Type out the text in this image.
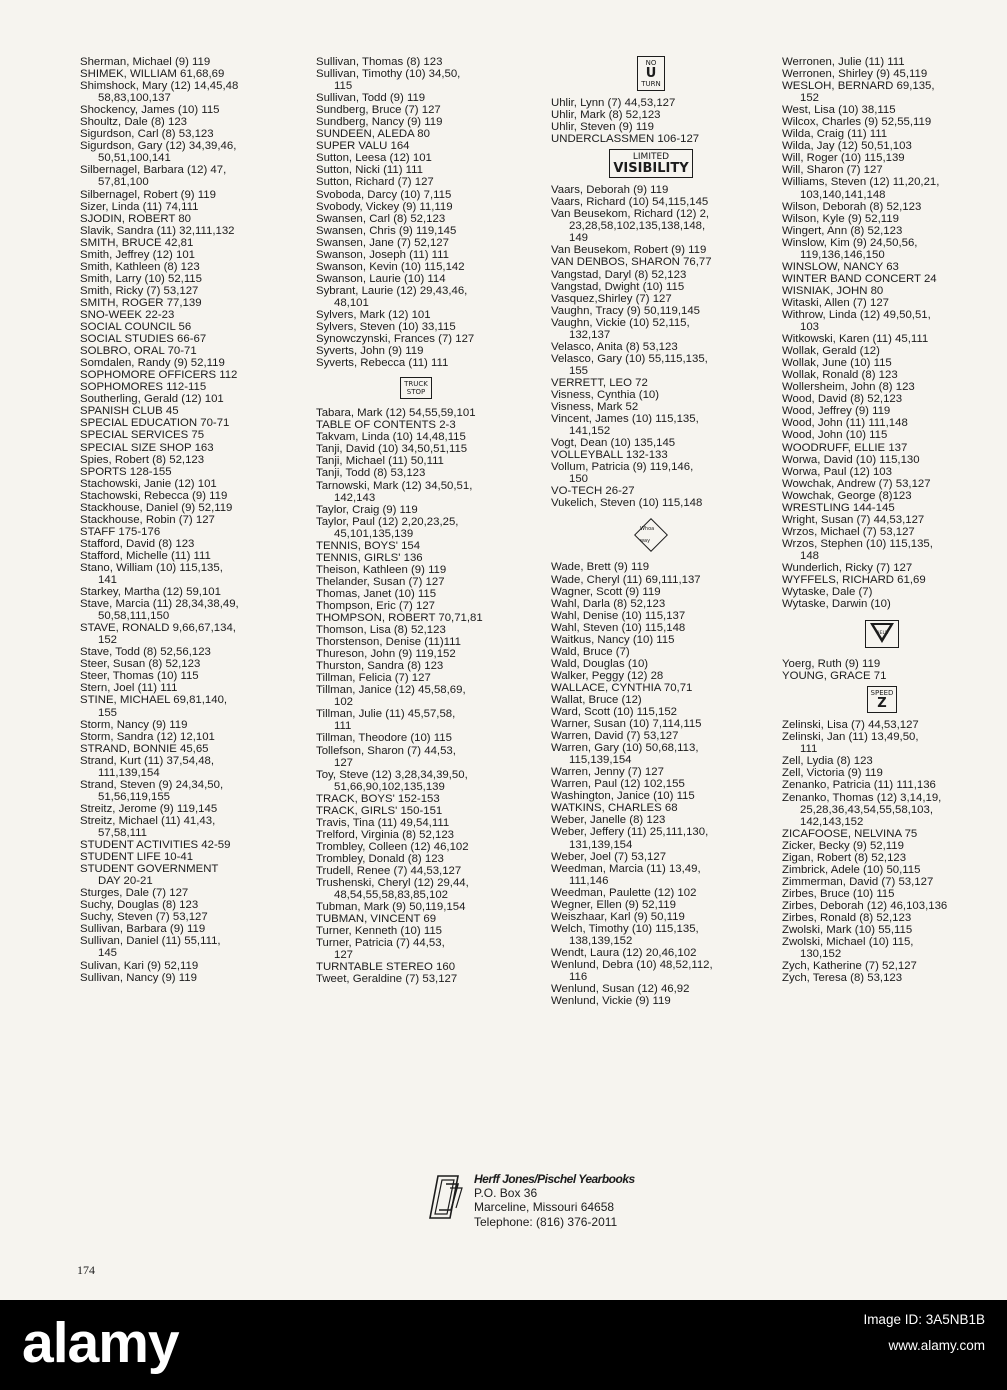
Sherman, Michael (9) 119
SHIMEK, WILLIAM 61,68,69
Shimshock, Mary (12) 14,45,48
58,83,100,137
Shockency, James (10) 115
Shoultz, Dale (8) 123
Sigurdson, Carl (8) 53,123
Sigurdson, Gary (12) 34,39,46,
50,51,100,141
Silbernagel, Barbara (12) 47,
57,81,100
Silbernagel, Robert (9) 119
Sizer, Linda (11) 74,111
SJODIN, ROBERT 80
Slavik, Sandra (11) 32,111,132
SMITH, BRUCE 42,81
Smith, Jeffrey (12) 101
Smith, Kathleen (8) 123
Smith, Larry (10) 52,115
Smith, Ricky (7) 53,127
SMITH, ROGER 77,139
SNO-WEEK 22-23
SOCIAL COUNCIL 56
SOCIAL STUDIES 66-67
SOLBRO, ORAL 70-71
Somdalen, Randy (9) 52,119
SOPHOMORE OFFICERS 112
SOPHOMORES 112-115
Southerling, Gerald (12) 101
SPANISH CLUB 45
SPECIAL EDUCATION 70-71
SPECIAL SERVICES 75
SPECIAL SIZE SHOP 163
Spies, Robert (8) 52,123
SPORTS 128-155
Stachowski, Janie (12) 101
Stachowski, Rebecca (9) 119
Stackhouse, Daniel (9) 52,119
Stackhouse, Robin (7) 127
STAFF 175-176
Stafford, David (8) 123
Stafford, Michelle (11) 111
Stano, William (10) 115,135,
141
Starkey, Martha (12) 59,101
Stave, Marcia (11) 28,34,38,49,
50,58,111,150
STAVE, RONALD 9,66,67,134,
152
Stave, Todd (8) 52,56,123
Steer, Susan (8) 52,123
Steer, Thomas (10) 115
Stern, Joel (11) 111
STINE, MICHAEL 69,81,140,
155
Storm, Nancy (9) 119
Storm, Sandra (12) 12,101
STRAND, BONNIE 45,65
Strand, Kurt (11) 37,54,48,
111,139,154
Strand, Steven (9) 24,34,50,
51,56,119,155
Streitz, Jerome (9) 119,145
Streitz, Michael (11) 41,43,
57,58,111
STUDENT ACTIVITIES 42-59
STUDENT LIFE 10-41
STUDENT GOVERNMENT
DAY 20-21
Sturges, Dale (7) 127
Suchy, Douglas (8) 123
Suchy, Steven (7) 53,127
Sullivan, Barbara (9) 119
Sullivan, Daniel (11) 55,111,
145
Sulivan, Kari (9) 52,119
Sullivan, Nancy (9) 119
Sullivan, Thomas (8) 123
Sullivan, Timothy (10) 34,50,
115
Sullivan, Todd (9) 119
Sundberg, Bruce (7) 127
Sundberg, Nancy (9) 119
SUNDEEN, ALEDA 80
SUPER VALU 164
Sutton, Leesa (12) 101
Sutton, Nicki (11) 111
Sutton, Richard (7) 127
Svoboda, Darcy (10) 7,115
Svobody, Vickey (9) 11,119
Swansen, Carl (8) 52,123
Swansen, Chris (9) 119,145
Swansen, Jane (7) 52,127
Swanson, Joseph (11) 111
Swanson, Kevin (10) 115,142
Swanson, Laurie (10) 114
Sybrant, Laurie (12) 29,43,46,
48,101
Sylvers, Mark (12) 101
Sylvers, Steven (10) 33,115
Synowczynski, Frances (7) 127
Syverts, John (9) 119
Syverts, Rebecca (11) 111
TRUCK
STOP
Tabara, Mark (12) 54,55,59,101
TABLE OF CONTENTS 2-3
Takvam, Linda (10) 14,48,115
Tanji, David (10) 34,50,51,115
Tanji, Michael (11) 50,111
Tanji, Todd (8) 53,123
Tarnowski, Mark (12) 34,50,51,
142,143
Taylor, Craig (9) 119
Taylor, Paul (12) 2,20,23,25,
45,101,135,139
TENNIS, BOYS' 154
TENNIS, GIRLS' 136
Theison, Kathleen (9) 119
Thelander, Susan (7) 127
Thomas, Janet (10) 115
Thompson, Eric (7) 127
THOMPSON, ROBERT 70,71,81
Thomson, Lisa (8) 52,123
Thorstenson, Denise (11)111
Thureson, John (9) 119,152
Thurston, Sandra (8) 123
Tillman, Felicia (7) 127
Tillman, Janice (12) 45,58,69,
102
Tillman, Julie (11) 45,57,58,
111
Tillman, Theodore (10) 115
Tollefson, Sharon (7) 44,53,
127
Toy, Steve (12) 3,28,34,39,50,
51,66,90,102,135,139
TRACK, BOYS' 152-153
TRACK, GIRLS' 150-151
Travis, Tina (11) 49,54,111
Trelford, Virginia (8) 52,123
Trombley, Colleen (12) 46,102
Trombley, Donald (8) 123
Trudell, Renee (7) 44,53,127
Trushenski, Cheryl (12) 29,44,
48,54,55,58,83,85,102
Tubman, Mark (9) 50,119,154
TUBMAN, VINCENT 69
Turner, Kenneth (10) 115
Turner, Patricia (7) 44,53,
127
TURNTABLE STEREO 160
Tweet, Geraldine (7) 53,127
NO
U
TURN
Uhlir, Lynn (7) 44,53,127
Uhlir, Mark (8) 52,123
Uhlir, Steven (9) 119
UNDERCLASSMEN 106-127
LIMITED
VISIBILITY
Vaars, Deborah (9) 119
Vaars, Richard (10) 54,115,145
Van Beusekom, Richard (12) 2,
23,28,58,102,135,138,148,
149
Van Beusekom, Robert (9) 119
VAN DENBOS, SHARON 76,77
Vangstad, Daryl (8) 52,123
Vangstad, Dwight (10) 115
Vasquez,Shirley (7) 127
Vaughn, Tracy (9) 50,119,145
Vaughn, Vickie (10) 52,115,
132,137
Velasco, Anita (8) 53,123
Velasco, Gary (10) 55,115,135,
155
VERRETT, LEO 72
Visness, Cynthia (10)
Visness, Mark 52
Vincent, James (10) 115,135,
141,152
Vogt, Dean (10) 135,145
VOLLEYBALL 132-133
Vollum, Patricia (9) 119,146,
150
VO-TECH 26-27
Vukelich, Steven (10) 115,148
Whoa way
Wade, Brett (9) 119
Wade, Cheryl (11) 69,111,137
Wagner, Scott (9) 119
Wahl, Darla (8) 52,123
Wahl, Denise (10) 115,137
Wahl, Steven (10) 115,148
Waitkus, Nancy (10) 115
Wald, Bruce (7)
Wald, Douglas (10)
Walker, Peggy (12) 28
WALLACE, CYNTHIA 70,71
Wallat, Bruce (12)
Ward, Scott (10) 115,152
Warner, Susan (10) 7,114,115
Warren, David (7) 53,127
Warren, Gary (10) 50,68,113,
115,139,154
Warren, Jenny (7) 127
Warren, Paul (12) 102,155
Washington, Janice (10) 115
WATKINS, CHARLES 68
Weber, Janelle (8) 123
Weber, Jeffery (11) 25,111,130,
131,139,154
Weber, Joel (7) 53,127
Weedman, Marcia (11) 13,49,
111,146
Weedman, Paulette (12) 102
Wegner, Ellen (9) 52,119
Weiszhaar, Karl (9) 50,119
Welch, Timothy (10) 115,135,
138,139,152
Wendt, Laura (12) 20,46,102
Wenlund, Debra (10) 48,52,112,
116
Wenlund, Susan (12) 46,92
Wenlund, Vickie (9) 119
Werronen, Julie (11) 111
Werronen, Shirley (9) 45,119
WESLOH, BERNARD 69,135,
152
West, Lisa (10) 38,115
Wilcox, Charles (9) 52,55,119
Wilda, Craig (11) 111
Wilda, Jay (12) 50,51,103
Will, Roger (10) 115,139
Will, Sharon (7) 127
Williams, Steven (12) 11,20,21,
103,140,141,148
Wilson, Deborah (8) 52,123
Wilson, Kyle (9) 52,119
Wingert, Ann (8) 52,123
Winslow, Kim (9) 24,50,56,
119,136,146,150
WINSLOW, NANCY 63
WINTER BAND CONCERT 24
WISNIAK, JOHN 80
Witaski, Allen (7) 127
Withrow, Linda (12) 49,50,51,
103
Witkowski, Karen (11) 45,111
Wollak, Gerald (12)
Wollak, June (10) 115
Wollak, Ronald (8) 123
Wollersheim, John (8) 123
Wood, David (8) 52,123
Wood, Jeffrey (9) 119
Wood, John (11) 111,148
Wood, John (10) 115
WOODRUFF, ELLIE 137
Worwa, David (10) 115,130
Worwa, Paul (12) 103
Wowchak, Andrew (7) 53,127
Wowchak, George (8)123
WRESTLING 144-145
Wright, Susan (7) 44,53,127
Wrzos, Michael (7) 53,127
Wrzos, Stephen (10) 115,135,
148
Wunderlich, Ricky (7) 127
WYFFELS, RICHARD 61,69
Wytaske, Dale (7)
Wytaske, Darwin (10)
YIELD
Yoerg, Ruth (9) 119
YOUNG, GRACE 71
SPEED
Z
Zelinski, Lisa (7) 44,53,127
Zelinski, Jan (11) 13,49,50,
111
Zell, Lydia (8) 123
Zell, Victoria (9) 119
Zenanko, Patricia (11) 111,136
Zenanko, Thomas (12) 3,14,19,
25,28,36,43,54,55,58,103,
142,143,152
ZICAFOOSE, NELVINA 75
Zicker, Becky (9) 52,119
Zigan, Robert (8) 52,123
Zimbrick, Adele (10) 50,115
Zimmerman, David (7) 53,127
Zirbes, Bruce (10) 115
Zirbes, Deborah (12) 46,103,136
Zirbes, Ronald (8) 52,123
Zwolski, Mark (10) 55,115
Zwolski, Michael (10) 115,
130,152
Zych, Katherine (7) 52,127
Zych, Teresa (8) 53,123
Herff Jones/Pischel Yearbooks
P.O. Box 36
Marceline, Missouri 64658
Telephone: (816) 376-2011
174
alamy	Image ID: 3A5NB1B
www.alamy.com
